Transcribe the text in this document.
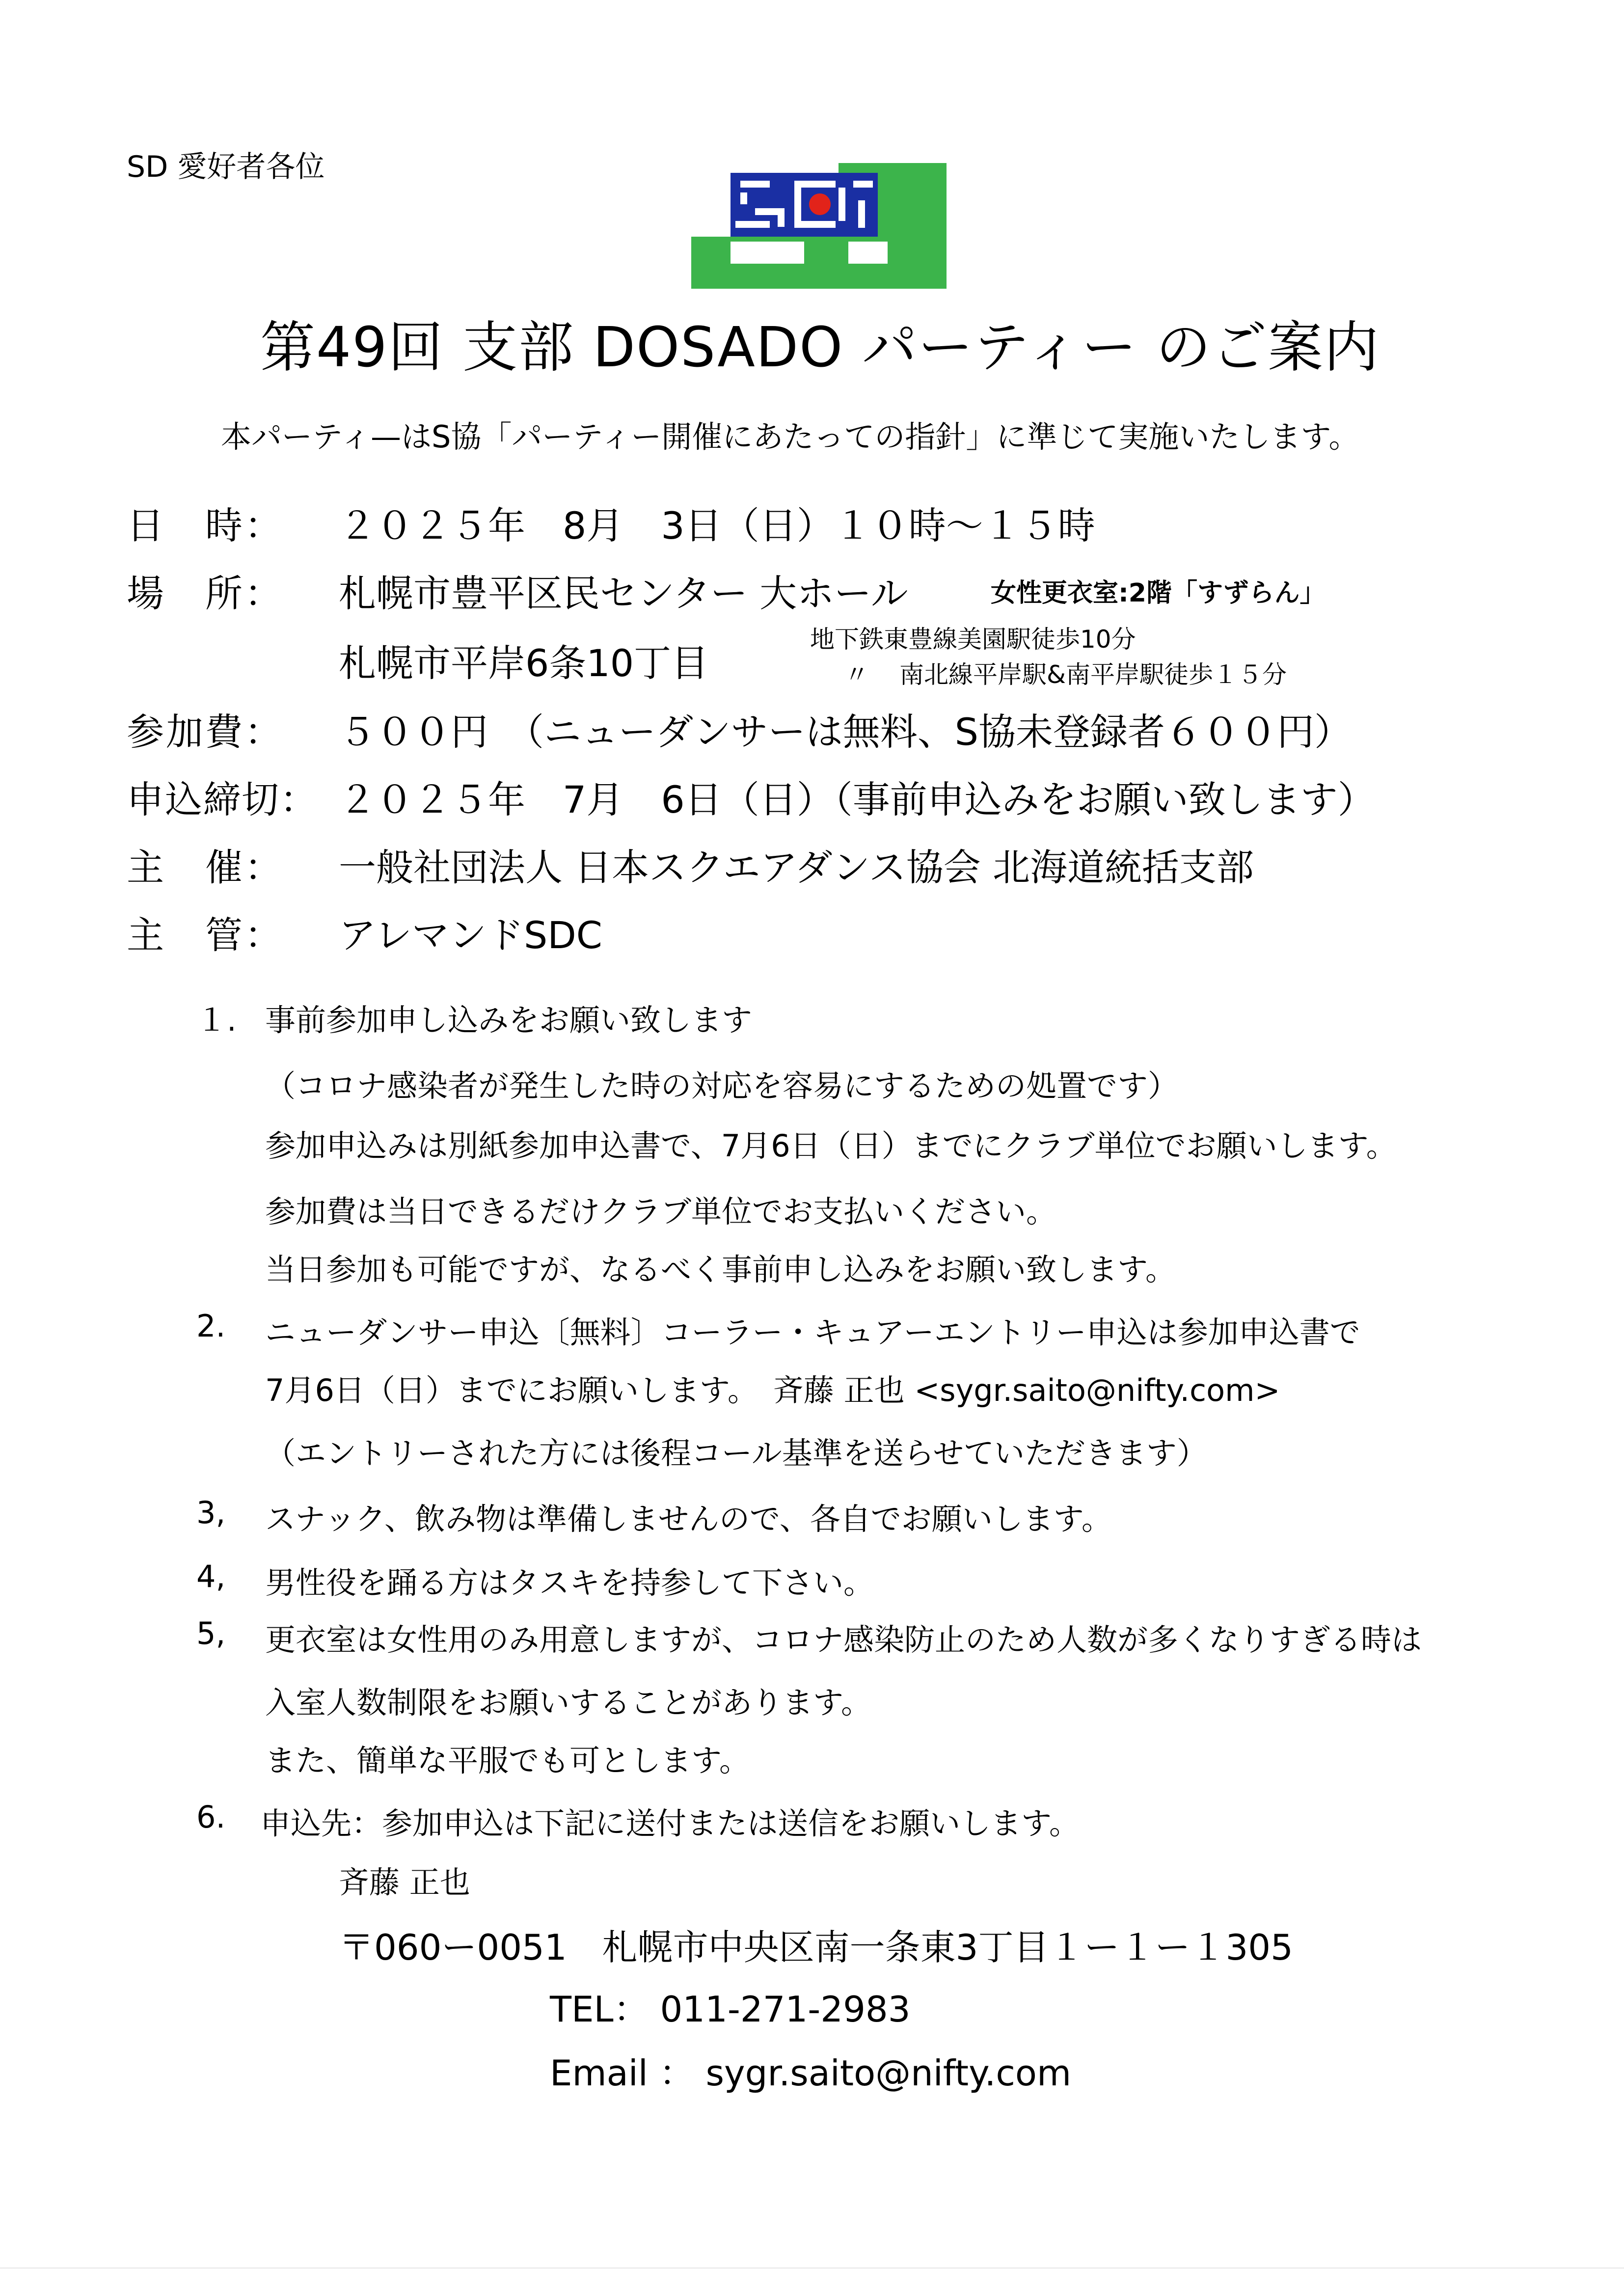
SD 愛好者各位
第49回 支部 DOSADO パーティー のご案内
本パーティ—はS協「パーティー開催にあたっての指針」に準じて実施いたします。
日　時： ２０２５年　8月　3日（日）１０時～１５時
場　所： 札幌市豊平区民センター 大ホール	女性更衣室:2階「すずらん」
札幌市平岸6条10丁目
地下鉄東豊線美園駅徒歩10分
〃 南北線平岸駅&南平岸駅徒歩１５分
参加費： ５００円　（ニューダンサーは無料、S協未登録者６００円）
申込締切： ２０２５年　7月　6日（日）（事前申込みをお願い致します）
主　催： 一般社団法人 日本スクエアダンス協会 北海道統括支部
主　管： アレマンドSDC
１. 事前参加申し込みをお願い致します
（コロナ感染者が発生した時の対応を容易にするための処置です）
参加申込みは別紙参加申込書で、7月6日（日）までにクラブ単位でお願いします。
参加費は当日できるだけクラブ単位でお支払いください。
当日参加も可能ですが、なるべく事前申し込みをお願い致します。
2. ニューダンサー申込〔無料〕コーラー・キュアーエントリー申込は参加申込書で
7月6日（日）までにお願いします。　斉藤 正也 <sygr.saito@nifty.com>
（エントリーされた方には後程コール基準を送らせていただきます）
3, スナック、飲み物は準備しませんので、各自でお願いします。
4, 男性役を踊る方はタスキを持参して下さい。
5, 更衣室は女性用のみ用意しますが、コロナ感染防止のため人数が多くなりすぎる時は
入室人数制限をお願いすることがあります。
また、簡単な平服でも可とします。
6. 申込先：参加申込は下記に送付または送信をお願いします。
斉藤 正也
〒060ー0051　札幌市中央区南一条東3丁目１ー１ー１305
TEL： 011-271-2983
Email ： sygr.saito@nifty.com
